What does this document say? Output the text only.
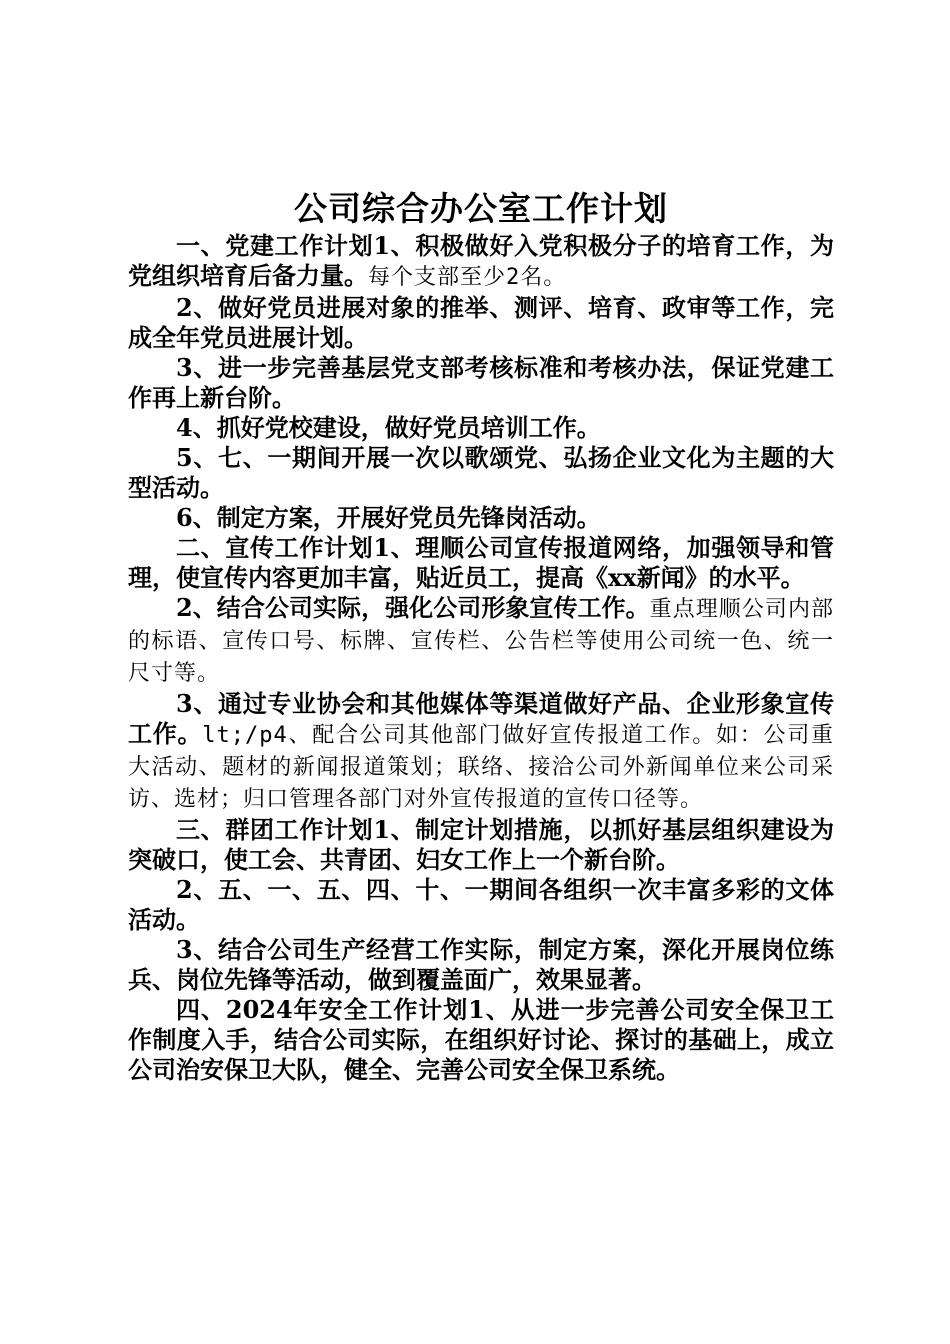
公司综合办公室工作计划

一、党建工作计划1、积极做好入党积极分子的培育工作，为党组织培育后备力量。每个支部至少2名。

2、做好党员进展对象的推举、测评、培育、政审等工作，完成全年党员进展计划。

3、进一步完善基层党支部考核标准和考核办法，保证党建工作再上新台阶。

4、抓好党校建设，做好党员培训工作。

5、七、一期间开展一次以歌颂党、弘扬企业文化为主题的大型活动。

6、制定方案，开展好党员先锋岗活动。

二、宣传工作计划1、理顺公司宣传报道网络，加强领导和管理，使宣传内容更加丰富，贴近员工，提高《xx新闻》的水平。

2、结合公司实际，强化公司形象宣传工作。重点理顺公司内部的标语、宣传口号、标牌、宣传栏、公告栏等使用公司统一色、统一尺寸等。

3、通过专业协会和其他媒体等渠道做好产品、企业形象宣传工作。lt;/p4、配合公司其他部门做好宣传报道工作。如：公司重大活动、题材的新闻报道策划；联络、接洽公司外新闻单位来公司采访、选材；归口管理各部门对外宣传报道的宣传口径等。

三、群团工作计划1、制定计划措施，以抓好基层组织建设为突破口，使工会、共青团、妇女工作上一个新台阶。

2、五、一、五、四、十、一期间各组织一次丰富多彩的文体活动。

3、结合公司生产经营工作实际，制定方案，深化开展岗位练兵、岗位先锋等活动，做到覆盖面广，效果显著。

四、2024年安全工作计划1、从进一步完善公司安全保卫工作制度入手，结合公司实际，在组织好讨论、探讨的基础上，成立公司治安保卫大队，健全、完善公司安全保卫系统。
